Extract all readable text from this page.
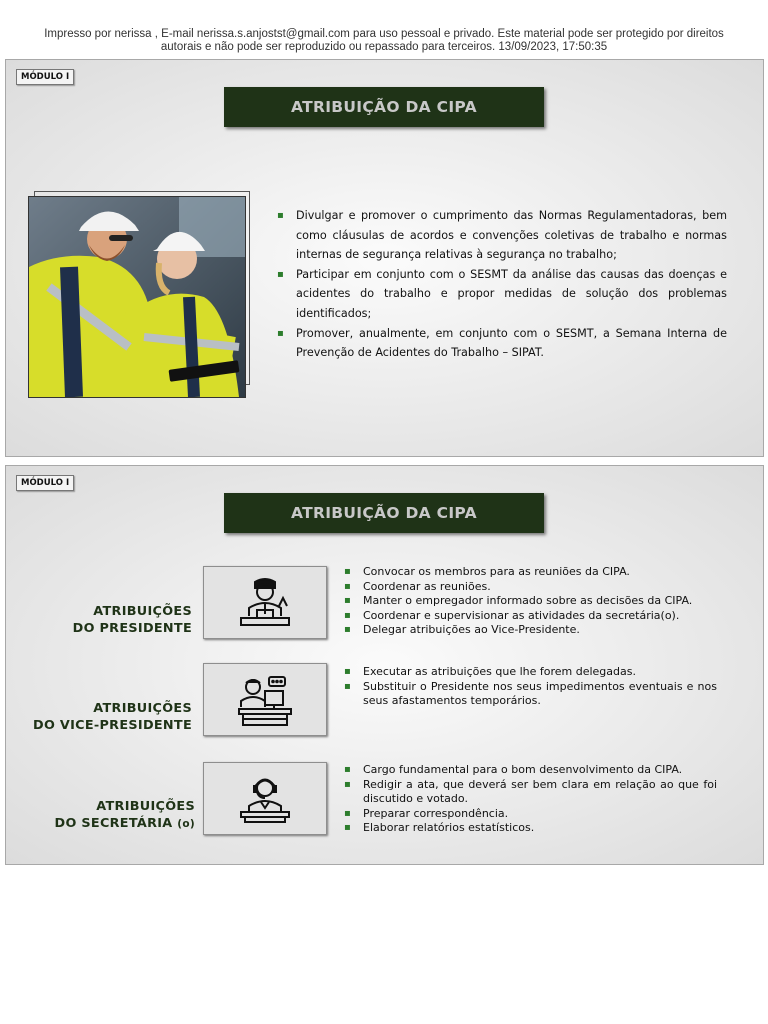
Impresso por nerissa , E-mail nerissa.s.anjostst@gmail.com para uso pessoal e privado. Este material pode ser protegido por direitos
autorais e não pode ser reproduzido ou repassado para terceiros. 13/09/2023, 17:50:35
MÓDULO I
ATRIBUIÇÃO DA CIPA
▪ Divulgar e promover o cumprimento das Normas Regulamentadoras, bem como cláusulas de acordos e convenções coletivas de trabalho e normas internas de segurança relativas à segurança no trabalho;
▪ Participar em conjunto com o SESMT da análise das causas das doenças e acidentes do trabalho e propor medidas de solução dos problemas identificados;
▪ Promover, anualmente, em conjunto com o SESMT, a Semana Interna de Prevenção de Acidentes do Trabalho – SIPAT.
MÓDULO I
ATRIBUIÇÃO DA CIPA
ATRIBUIÇÕES
DO PRESIDENTE
▪ Convocar os membros para as reuniões da CIPA.
▪ Coordenar as reuniões.
▪ Manter o empregador informado sobre as decisões da CIPA.
▪ Coordenar e supervisionar as atividades da secretária(o).
▪ Delegar atribuições ao Vice-Presidente.
ATRIBUIÇÕES
DO VICE-PRESIDENTE
▪ Executar as atribuições que lhe forem delegadas.
▪ Substituir o Presidente nos seus impedimentos eventuais e nos seus afastamentos temporários.
ATRIBUIÇÕES
DO SECRETÁRIA (o)
▪ Cargo fundamental para o bom desenvolvimento da CIPA.
▪ Redigir a ata, que deverá ser bem clara em relação ao que foi discutido e votado.
▪ Preparar correspondência.
▪ Elaborar relatórios estatísticos.
